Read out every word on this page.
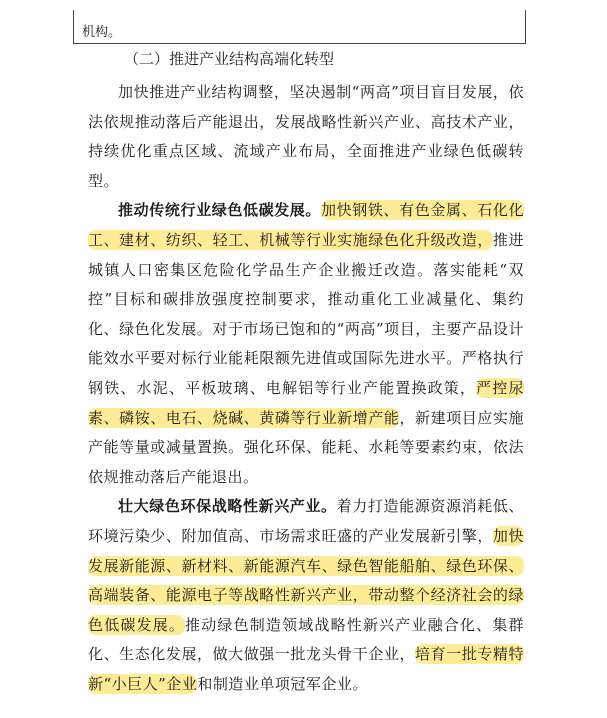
机构。

（二）推进产业结构高端化转型

加快推进产业结构调整，坚决遏制“两高”项目盲目发展，依法依规推动落后产能退出，发展战略性新兴产业、高技术产业，持续优化重点区域、流域产业布局，全面推进产业绿色低碳转型。

推动传统行业绿色低碳发展。加快钢铁、有色金属、石化化工、建材、纺织、轻工、机械等行业实施绿色化升级改造，推进城镇人口密集区危险化学品生产企业搬迁改造。落实能耗“双控”目标和碳排放强度控制要求，推动重化工业减量化、集约化、绿色化发展。对于市场已饱和的“两高”项目，主要产品设计能效水平要对标行业能耗限额先进值或国际先进水平。严格执行钢铁、水泥、平板玻璃、电解铝等行业产能置换政策，严控尿素、磷铵、电石、烧碱、黄磷等行业新增产能，新建项目应实施产能等量或减量置换。强化环保、能耗、水耗等要素约束，依法依规推动落后产能退出。

壮大绿色环保战略性新兴产业。着力打造能源资源消耗低、环境污染少、附加值高、市场需求旺盛的产业发展新引擎，加快发展新能源、新材料、新能源汽车、绿色智能船舶、绿色环保、高端装备、能源电子等战略性新兴产业，带动整个经济社会的绿色低碳发展。推动绿色制造领域战略性新兴产业融合化、集群化、生态化发展，做大做强一批龙头骨干企业，培育一批专精特新“小巨人”企业和制造业单项冠军企业。
